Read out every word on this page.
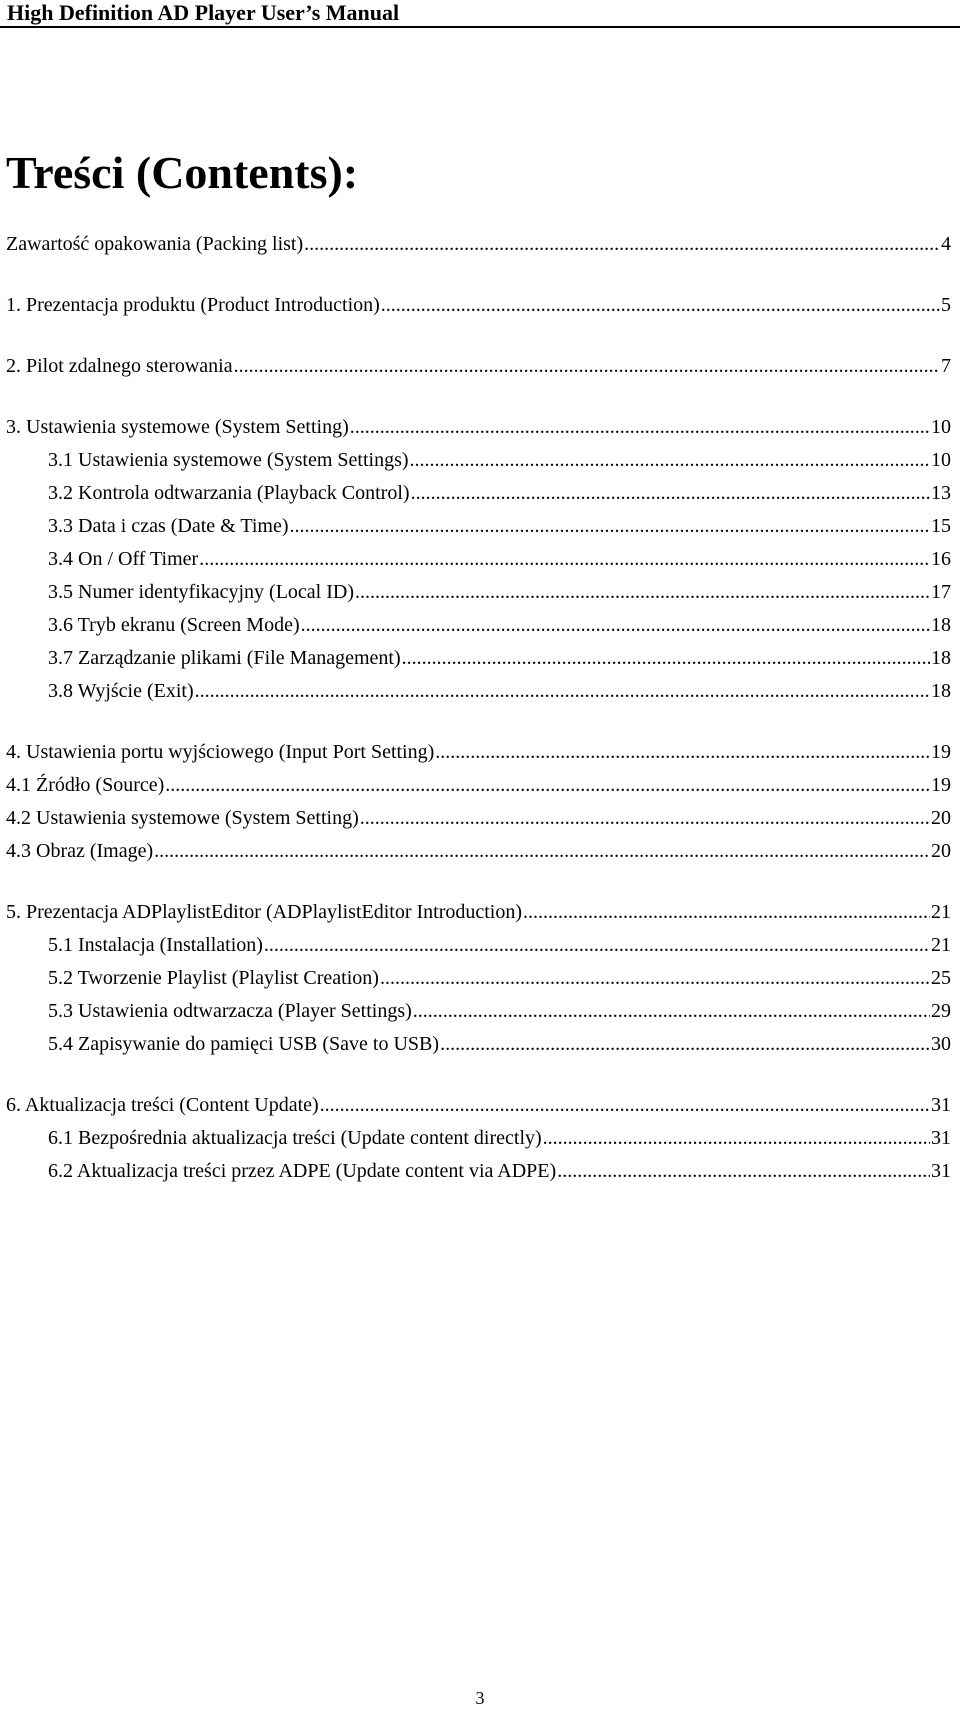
High Definition AD Player User’s Manual
Treści (Contents):
Zawartość opakowania (Packing list) .....	4
1. Prezentacja produktu (Product Introduction) .....	5
2. Pilot zdalnego sterowania .....	7
3. Ustawienia systemowe (System Setting) .....	10
3.1 Ustawienia systemowe (System Settings) .....	10
3.2 Kontrola odtwarzania (Playback Control) .....	13
3.3 Data i czas (Date & Time) .....	15
3.4 On / Off Timer .....	16
3.5 Numer identyfikacyjny (Local ID) .....	17
3.6 Tryb ekranu (Screen Mode) .....	18
3.7 Zarządzanie plikami (File Management) .....	18
3.8 Wyjście (Exit) .....	18
4. Ustawienia portu wyjściowego (Input Port Setting) .....	19
4.1 Źródło (Source) .....	19
4.2 Ustawienia systemowe (System Setting) .....	20
4.3 Obraz (Image) .....	20
5. Prezentacja ADPlaylistEditor (ADPlaylistEditor Introduction) .....	21
5.1 Instalacja (Installation) .....	21
5.2 Tworzenie Playlist (Playlist Creation) .....	25
5.3 Ustawienia odtwarzacza (Player Settings) .....	29
5.4 Zapisywanie do pamięci USB (Save to USB) .....	30
6. Aktualizacja treści (Content Update) .....	31
6.1 Bezpośrednia aktualizacja treści (Update content directly) .....	31
6.2 Aktualizacja treści przez ADPE (Update content via ADPE) .....	31
3
